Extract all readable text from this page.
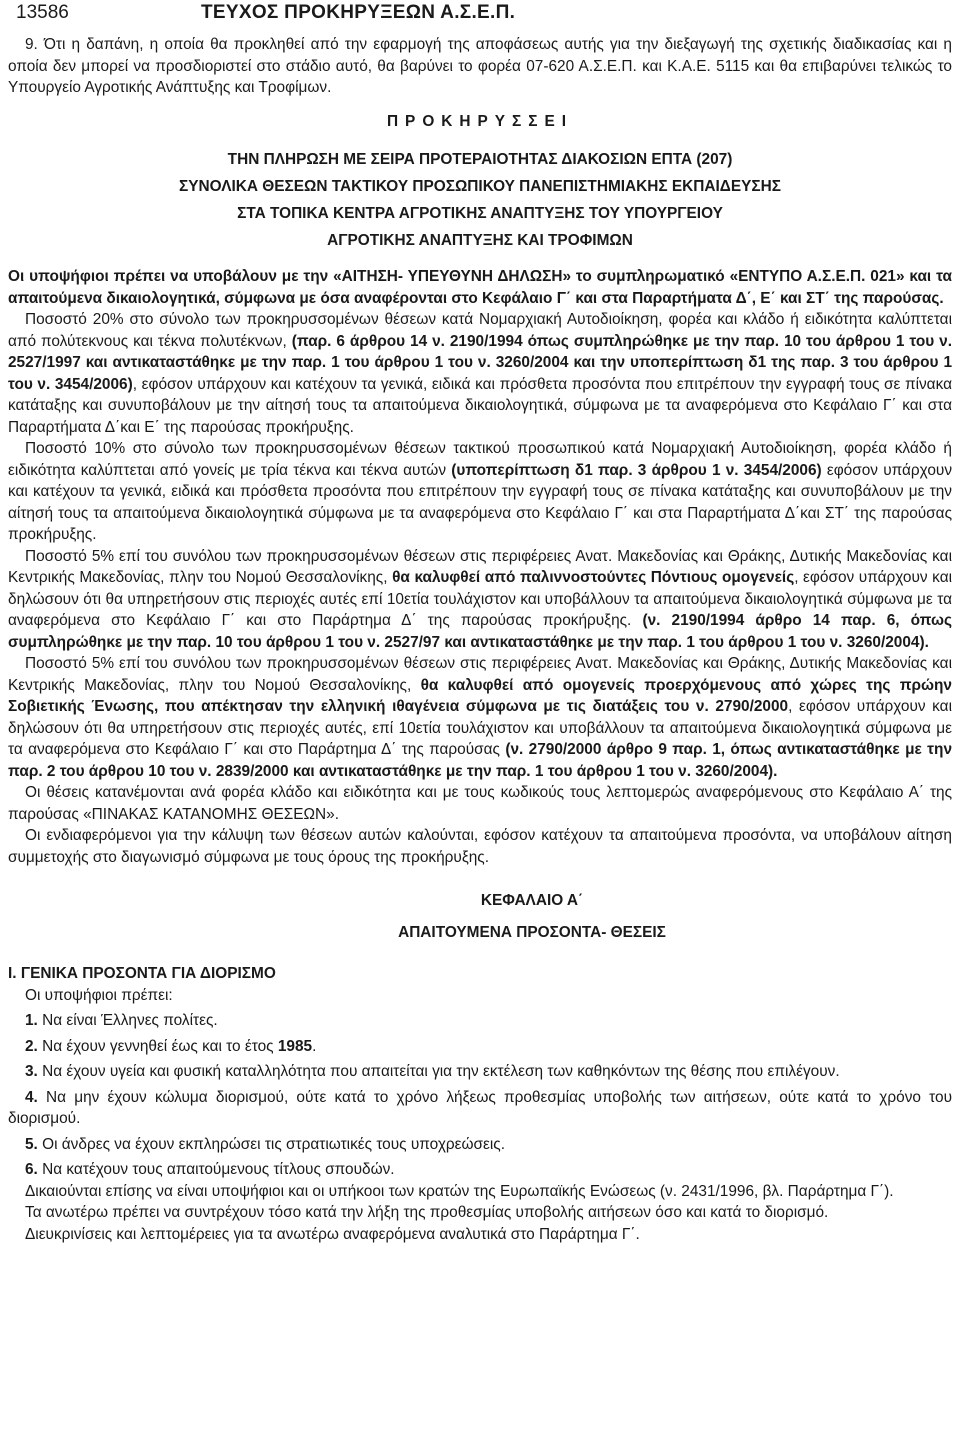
13586	ΤΕΥΧΟΣ ΠΡΟΚΗΡΥΞΕΩΝ Α.Σ.Ε.Π.

9. Ότι η δαπάνη, η οποία θα προκληθεί από την εφαρμογή της αποφάσεως αυτής για την διεξαγωγή της σχετικής διαδικασίας και η οποία δεν μπορεί να προσδιοριστεί στο στάδιο αυτό, θα βαρύνει το φορέα 07-620 Α.Σ.Ε.Π. και Κ.Α.Ε. 5115 και θα επιβαρύνει τελικώς το Υπουργείο Αγροτικής Ανάπτυξης και Τροφίμων.

ΠΡΟΚΗΡΥΣΣΕΙ

ΤΗΝ ΠΛΗΡΩΣΗ ΜΕ ΣΕΙΡΑ ΠΡΟΤΕΡΑΙΟΤΗΤΑΣ ΔΙΑΚΟΣΙΩΝ ΕΠΤΑ (207)

ΣΥΝΟΛΙΚΑ ΘΕΣΕΩΝ ΤΑΚΤΙΚΟΥ ΠΡΟΣΩΠΙΚΟΥ ΠΑΝΕΠΙΣΤΗΜΙΑΚΗΣ ΕΚΠΑΙΔΕΥΣΗΣ

ΣΤΑ ΤΟΠΙΚΑ ΚΕΝΤΡΑ ΑΓΡΟΤΙΚΗΣ ΑΝΑΠΤΥΞΗΣ ΤΟΥ ΥΠΟΥΡΓΕΙΟΥ

ΑΓΡΟΤΙΚΗΣ ΑΝΑΠΤΥΞΗΣ ΚΑΙ ΤΡΟΦΙΜΩΝ

Οι υποψήφιοι πρέπει να υποβάλουν με την «ΑΙΤΗΣΗ- ΥΠΕΥΘΥΝΗ ΔΗΛΩΣΗ» το συμπληρωματικό «ΕΝΤΥΠΟ Α.Σ.Ε.Π. 021» και τα απαιτούμενα δικαιολογητικά, σύμφωνα με όσα αναφέρονται στο Κεφάλαιο Γ΄ και στα Παραρτήματα Δ΄, Ε΄ και ΣΤ΄ της παρούσας.

Ποσοστό 20% στο σύνολο των προκηρυσσομένων θέσεων κατά Νομαρχιακή Αυτοδιοίκηση, φορέα και κλάδο ή ειδικότητα καλύπτεται από πολύτεκνους και τέκνα πολυτέκνων, (παρ. 6 άρθρου 14 ν. 2190/1994 όπως συμπληρώθηκε με την παρ. 10 του άρθρου 1 του ν. 2527/1997 και αντικαταστάθηκε με την παρ. 1 του άρθρου 1 του ν. 3260/2004 και την υποπερίπτωση δ1 της παρ. 3 του άρθρου 1 του ν. 3454/2006), εφόσον υπάρχουν και κατέχουν τα γενικά, ειδικά και πρόσθετα προσόντα που επιτρέπουν την εγγραφή τους σε πίνακα κατάταξης και συνυποβάλουν με την αίτησή τους τα απαιτούμενα δικαιολογητικά, σύμφωνα με τα αναφερόμενα στο Κεφάλαιο Γ΄ και στα Παραρτήματα Δ΄και Ε΄ της παρούσας προκήρυξης.

Ποσοστό 10% στο σύνολο των προκηρυσσομένων θέσεων τακτικού προσωπικού κατά Νομαρχιακή Αυτοδιοίκηση, φορέα κλάδο ή ειδικότητα καλύπτεται από γονείς με τρία τέκνα και τέκνα αυτών (υποπερίπτωση δ1 παρ. 3 άρθρου 1 ν. 3454/2006) εφόσον υπάρχουν και κατέχουν τα γενικά, ειδικά και πρόσθετα προσόντα που επιτρέπουν την εγγραφή τους σε πίνακα κατάταξης και συνυποβάλουν με την αίτησή τους τα απαιτούμενα δικαιολογητικά σύμφωνα με τα αναφερόμενα στο Κεφάλαιο Γ΄ και στα Παραρτήματα Δ΄και ΣΤ΄ της παρούσας προκήρυξης.

Ποσοστό 5% επί του συνόλου των προκηρυσσομένων θέσεων στις περιφέρειες Ανατ. Μακεδονίας και Θράκης, Δυτικής Μακεδονίας και Κεντρικής Μακεδονίας, πλην του Νομού Θεσσαλονίκης, θα καλυφθεί από παλιννοστούντες Πόντιους ομογενείς, εφόσον υπάρχουν και δηλώσουν ότι θα υπηρετήσουν στις περιοχές αυτές επί 10ετία τουλάχιστον και υποβάλλουν τα απαιτούμενα δικαιολογητικά σύμφωνα με τα αναφερόμενα στο Κεφάλαιο Γ΄ και στο Παράρτημα Δ΄ της παρούσας προκήρυξης. (ν. 2190/1994 άρθρο 14 παρ. 6, όπως συμπληρώθηκε με την παρ. 10 του άρθρου 1 του ν. 2527/97 και αντικαταστάθηκε με την παρ. 1 του άρθρου 1 του ν. 3260/2004).

Ποσοστό 5% επί του συνόλου των προκηρυσσομένων θέσεων στις περιφέρειες Ανατ. Μακεδονίας και Θράκης, Δυτικής Μακεδονίας και Κεντρικής Μακεδονίας, πλην του Νομού Θεσσαλονίκης, θα καλυφθεί από ομογενείς προερχόμενους από χώρες της πρώην Σοβιετικής Ένωσης, που απέκτησαν την ελληνική ιθαγένεια σύμφωνα με τις διατάξεις του ν. 2790/2000, εφόσον υπάρχουν και δηλώσουν ότι θα υπηρετήσουν στις περιοχές αυτές, επί 10ετία τουλάχιστον και υποβάλλουν τα απαιτούμενα δικαιολογητικά σύμφωνα με τα αναφερόμενα στο Κεφάλαιο Γ΄ και στο Παράρτημα Δ΄ της παρούσας (ν. 2790/2000 άρθρο 9 παρ. 1, όπως αντικαταστάθηκε με την παρ. 2 του άρθρου 10 του ν. 2839/2000 και αντικαταστάθηκε με την παρ. 1 του άρθρου 1 του ν. 3260/2004).

Οι θέσεις κατανέμονται ανά φορέα κλάδο και ειδικότητα και με τους κωδικούς τους λεπτομερώς αναφερόμενους στο Κεφάλαιο Α΄ της παρούσας «ΠΙΝΑΚΑΣ ΚΑΤΑΝΟΜΗΣ ΘΕΣΕΩΝ».

Οι ενδιαφερόμενοι για την κάλυψη των θέσεων αυτών καλούνται, εφόσον κατέχουν τα απαιτούμενα προσόντα, να υποβάλουν αίτηση συμμετοχής στο διαγωνισμό σύμφωνα με τους όρους της προκήρυξης.

ΚΕΦΑΛΑΙΟ Α΄

ΑΠΑΙΤΟΥΜΕΝΑ ΠΡΟΣΟΝΤΑ- ΘΕΣΕΙΣ

Ι. ΓΕΝΙΚΑ ΠΡΟΣΟΝΤΑ ΓΙΑ ΔΙΟΡΙΣΜΟ

Οι υποψήφιοι πρέπει:

1. Να είναι Έλληνες πολίτες.

2. Να έχουν γεννηθεί έως και το έτος 1985.

3. Να έχουν υγεία και φυσική καταλληλότητα που απαιτείται για την εκτέλεση των καθηκόντων της θέσης που επιλέγουν.

4. Να μην έχουν κώλυμα διορισμού, ούτε κατά το χρόνο λήξεως προθεσμίας υποβολής των αιτήσεων, ούτε κατά το χρόνο του διορισμού.

5. Οι άνδρες να έχουν εκπληρώσει τις στρατιωτικές τους υποχρεώσεις.

6. Να κατέχουν τους απαιτούμενους τίτλους σπουδών.

Δικαιούνται επίσης να είναι υποψήφιοι και οι υπήκοοι των κρατών της Ευρωπαϊκής Ενώσεως (ν. 2431/1996, βλ. Παράρτημα Γ΄).

Τα ανωτέρω πρέπει να συντρέχουν τόσο κατά την λήξη της προθεσμίας υποβολής αιτήσεων όσο και κατά το διορισμό.

Διευκρινίσεις και λεπτομέρειες για τα ανωτέρω αναφερόμενα αναλυτικά στο Παράρτημα Γ΄.
